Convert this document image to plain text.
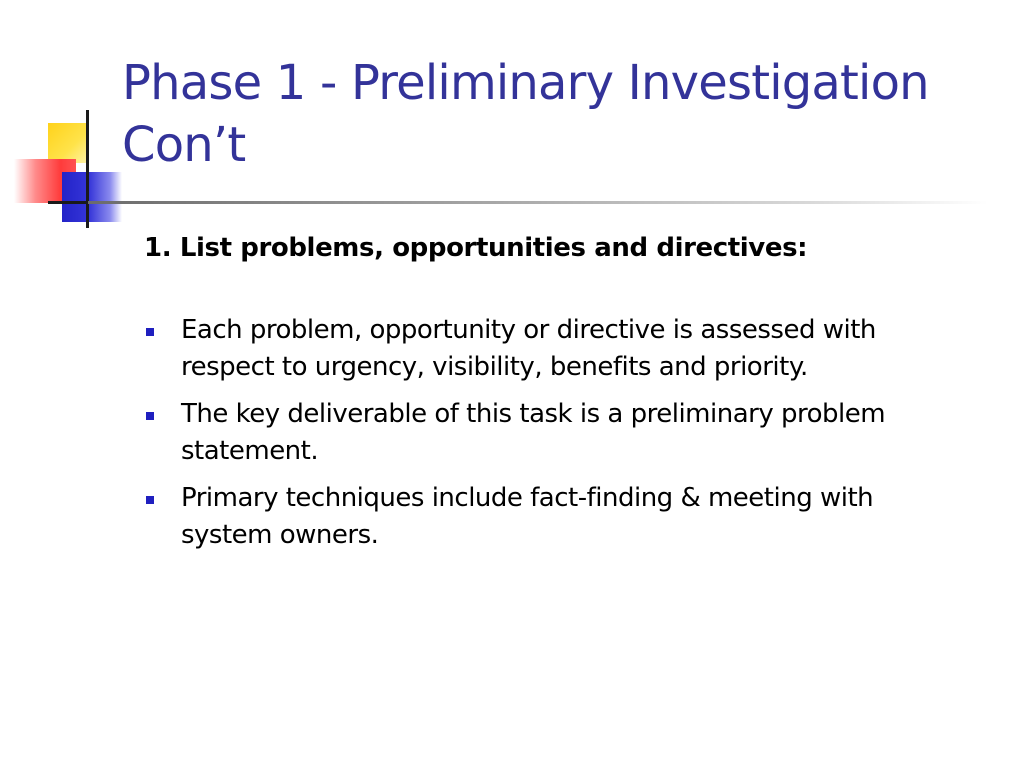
Phase 1 - Preliminary Investigation Con’t

1. List problems, opportunities and directives:

Each problem, opportunity or directive is assessed with respect to urgency, visibility, benefits and priority.
The key deliverable of this task is a preliminary problem statement.
Primary techniques include fact-finding & meeting with system owners.
